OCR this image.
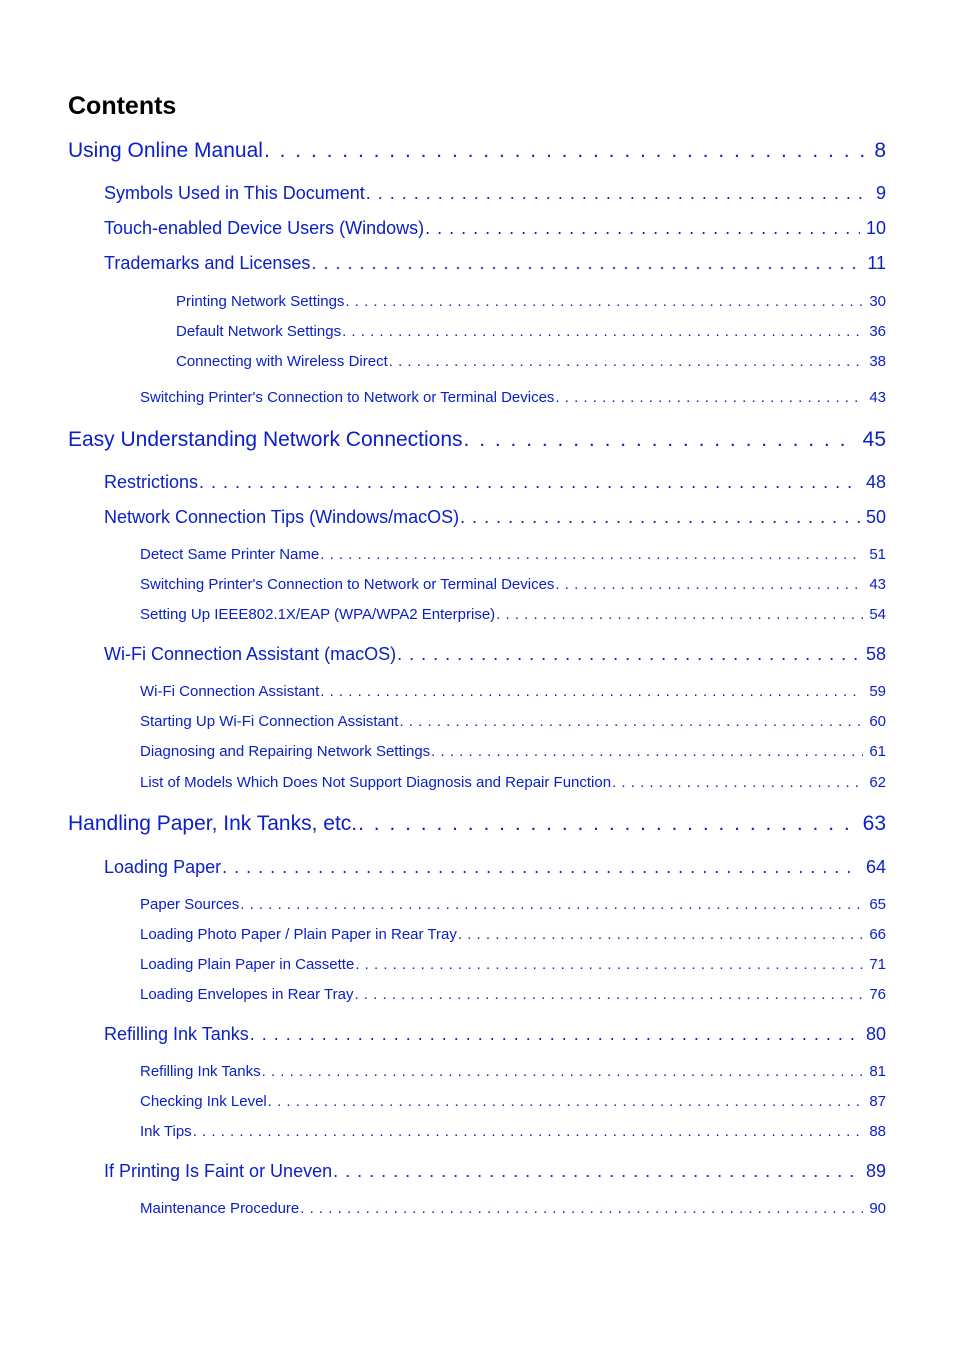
Contents
Using Online Manual . . .	8
Symbols Used in This Document . . .	9
Touch-enabled Device Users (Windows) . . .	10
Trademarks and Licenses . . .	11
Printing Network Settings . . .	30
Default Network Settings . . .	36
Connecting with Wireless Direct . . .	38
Switching Printer's Connection to Network or Terminal Devices . . .	43
Easy Understanding Network Connections . . .	45
Restrictions . . .	48
Network Connection Tips (Windows/macOS) . . .	50
Detect Same Printer Name . . .	51
Switching Printer's Connection to Network or Terminal Devices . . .	43
Setting Up IEEE802.1X/EAP (WPA/WPA2 Enterprise) . . .	54
Wi-Fi Connection Assistant (macOS) . . .	58
Wi-Fi Connection Assistant . . .	59
Starting Up Wi-Fi Connection Assistant . . .	60
Diagnosing and Repairing Network Settings . . .	61
List of Models Which Does Not Support Diagnosis and Repair Function . . .	62
Handling Paper, Ink Tanks, etc. . . .	63
Loading Paper . . .	64
Paper Sources . . .	65
Loading Photo Paper / Plain Paper in Rear Tray . . .	66
Loading Plain Paper in Cassette . . .	71
Loading Envelopes in Rear Tray . . .	76
Refilling Ink Tanks . . .	80
Refilling Ink Tanks . . .	81
Checking Ink Level . . .	87
Ink Tips . . .	88
If Printing Is Faint or Uneven . . .	89
Maintenance Procedure . . .	90
